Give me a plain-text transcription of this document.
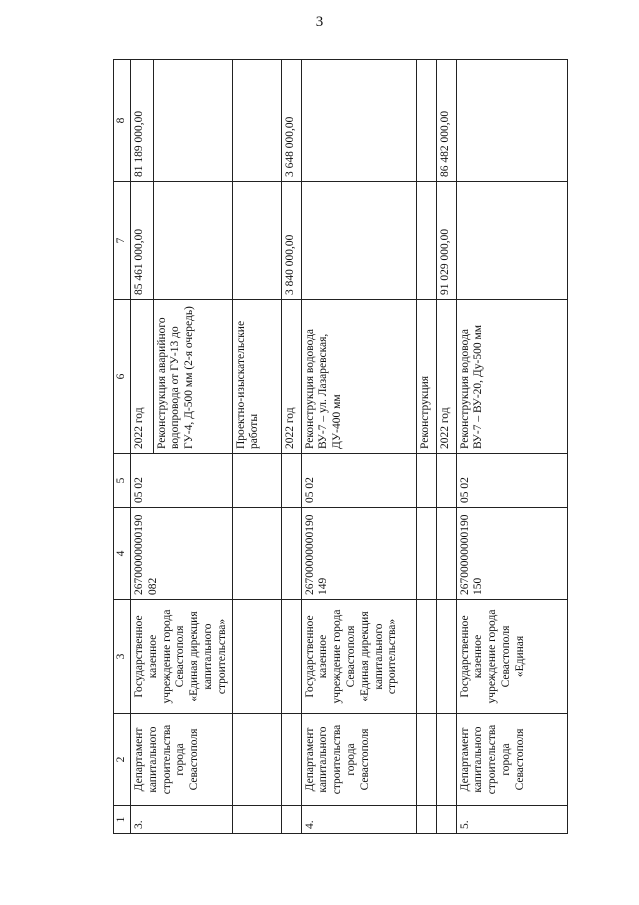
3
1	2	3	4	5	6	7	8
3.	Департамент капитального строительства города Севастополя	Государственное казенное учреждение города Севастополя «Единая дирекция капитального строительства»	26700000000190082	05 02	2022 год	85 461 000,00	81 189 000,00
					Реконструкция аварийного водопровода от ГУ-13 до ГУ-4, Д-500 мм (2-я очередь)		
					Проектно-изыскательские работы		
					2022 год	3 840 000,00	3 648 000,00
4.	Департамент капитального строительства города Севастополя	Государственное казенное учреждение города Севастополя «Единая дирекция капитального строительства»	26700000000190149	05 02	Реконструкция водовода ВУ-7 – ул. Лазаревская, ДУ-400 мм		
					Реконструкция		
					2022 год	91 029 000,00	86 482 000,00
5.	Департамент капитального строительства города Севастополя	Государственное казенное учреждение города Севастополя «Единая	26700000000190150	05 02	Реконструкция водовода ВУ-7 – ВУ-20, Ду-500 мм		
